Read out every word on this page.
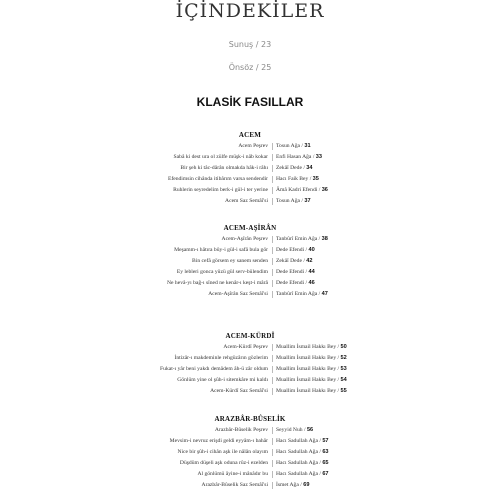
İÇİNDEKİLER
Sunuş / 23
Önsöz / 25
KLASİK FASILLAR
ACEM
Acem Peşrev Tosun Ağa / 31
Sabâ ki dest ura ol zülfe müşk-i nâb kokar Enfi Hasan Ağa / 33
Bir şeh ki tâc-dârân olmakda hâk-i râhı Zekâî Dede / 34
Efendimsin cihânda itibârım varsa sendendir Hacı Faik Bey / 35
Ruhlerin seyredelim berk-i gül-i ter yerine Âmâ Kadri Efendi / 36
Acem Saz Semâî'si Tosun Ağa / 37
ACEM-AŞİRÂN
Acem-Aşîrân Peşrev Tanbûrî Emin Ağa / 38
Meşamm-ı hâtıra bûy-i gül-i safâ bula gör Dede Efendi / 40
Bin cefâ görsem ey sanem senden Zekâî Dede / 42
Ey lebleri gonca yüzü gül serv-bülendim Dede Efendi / 44
Ne hevâ-yı bağ-ı sîned ne kenâr-ı keşt-i mârâ Dede Efendi / 46
Acem-Aşîrân Saz Semâî'si Tanbûrî Emin Ağa / 47
ACEM-KÜRDÎ
Acem-Kürdî Peşrev Muallim İsmail Hakkı Bey / 50
İntizâr-ı makdeminle rehgüzârın gözlerim Muallim İsmail Hakkı Bey / 52
Fukat-ı yâr beni yakdı demâdem âh-ü zâr oldum Muallim İsmail Hakkı Bey / 53
Gönlüm yine ol şûh-i sitemkâre mi kaldı Muallim İsmail Hakkı Bey / 54
Acem-Kürdî Saz Semâî'si Muallim İsmail Hakkı Bey / 55
ARAZBÂR-BÛSELİK
Arazbâr-Bûselik Peşrev Seyyid Nuh / 56
Mevsim-i nevruz erişdi geldi eyyâm-ı bahâr Hacı Sadullah Ağa / 57
Nice bir şûh-i cihân aşk ile nâlân olayım Hacı Sadullah Ağa / 63
Düşdüm düşeli aşk oduna rûz-i ezelden Hacı Sadullah Ağa / 65
Al gönlümü âyine-i mânâdır bu Hacı Sadullah Ağa / 67
Arazbâr-Bûselik Saz Semâî'si İsmet Ağa / 69
